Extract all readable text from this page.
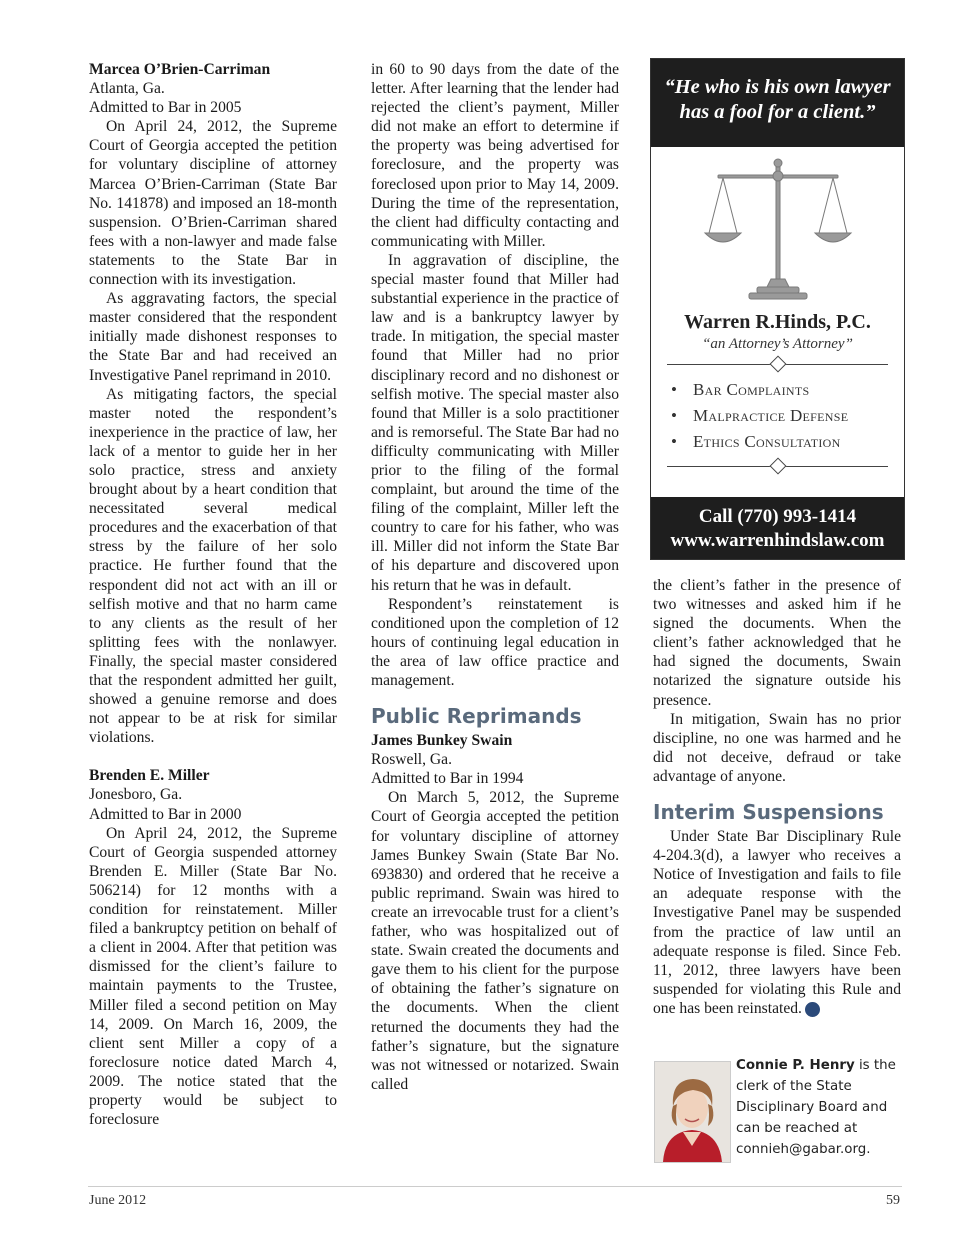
Marcea O’Brien-Carriman
Atlanta, Ga.
Admitted to Bar in 2005

On April 24, 2012, the Supreme Court of Georgia accepted the petition for voluntary discipline of attorney Marcea O’Brien-Carriman (State Bar No. 141878) and imposed an 18-month suspension. O’Brien-Carriman shared fees with a non-lawyer and made false statements to the State Bar in connection with its investigation.

As aggravating factors, the special master considered that the respondent initially made dishonest responses to the State Bar and had received an Investigative Panel reprimand in 2010.

As mitigating factors, the special master noted the respondent’s inexperience in the practice of law, her lack of a mentor to guide her in her solo practice, stress and anxiety brought about by a heart condition that necessitated several medical procedures and the exacerbation of that stress by the failure of her solo practice. He further found that the respondent did not act with an ill or selfish motive and that no harm came to any clients as the result of her splitting fees with the nonlawyer. Finally, the special master considered that the respondent admitted her guilt, showed a genuine remorse and does not appear to be at risk for similar violations.

Brenden E. Miller
Jonesboro, Ga.
Admitted to Bar in 2000

On April 24, 2012, the Supreme Court of Georgia suspended attorney Brenden E. Miller (State Bar No. 506214) for 12 months with a condition for reinstatement. Miller filed a bankruptcy petition on behalf of a client in 2004. After that petition was dismissed for the client’s failure to maintain payments to the Trustee, Miller filed a second petition on May 14, 2009. On March 16, 2009, the client sent Miller a copy of a foreclosure notice dated March 4, 2009. The notice stated that the property would be subject to foreclosure

in 60 to 90 days from the date of the letter. After learning that the lender had rejected the client’s payment, Miller did not make an effort to determine if the property was being advertised for foreclosure, and the property was foreclosed upon prior to May 14, 2009. During the time of the representation, the client had difficulty contacting and communicating with Miller.

In aggravation of discipline, the special master found that Miller had substantial experience in the practice of law and is a bankruptcy lawyer by trade. In mitigation, the special master found that Miller had no prior disciplinary record and no dishonest or selfish motive. The special master also found that Miller is a solo practitioner and is remorseful. The State Bar had no difficulty communicating with Miller prior to the filing of the formal complaint, but around the time of the filing of the complaint, Miller left the country to care for his father, who was ill. Miller did not inform the State Bar of his departure and discovered upon his return that he was in default.

Respondent’s reinstatement is conditioned upon the completion of 12 hours of continuing legal education in the area of law office practice and management.

Public Reprimands
James Bunkey Swain
Roswell, Ga.
Admitted to Bar in 1994

On March 5, 2012, the Supreme Court of Georgia accepted the petition for voluntary discipline of attorney James Bunkey Swain (State Bar No. 693830) and ordered that he receive a public reprimand. Swain was hired to create an irrevocable trust for a client’s father, who was hospitalized out of state. Swain created the documents and gave them to his client for the purpose of obtaining the father’s signature on the documents. When the client returned the documents they had the father’s signature, but the signature was not witnessed or notarized. Swain called

“He who is his own lawyer has a fool for a client.”
Warren R.Hinds, P.C.
“an Attorney’s Attorney”
• Bar Complaints
• Malpractice Defense
• Ethics Consultation
Call (770) 993-1414
www.warrenhindslaw.com

the client’s father in the presence of two witnesses and asked him if he signed the documents. When the client’s father acknowledged that he had signed the documents, Swain notarized the signature outside his presence.

In mitigation, Swain has no prior discipline, no one was harmed and he did not deceive, defraud or take advantage of anyone.

Interim Suspensions

Under State Bar Disciplinary Rule 4-204.3(d), a lawyer who receives a Notice of Investigation and fails to file an adequate response with the Investigative Panel may be suspended from the practice of law until an adequate response is filed. Since Feb. 11, 2012, three lawyers have been suspended for violating this Rule and one has been reinstated.	GBJ

Connie P. Henry is the clerk of the State Disciplinary Board and can be reached at connieh@gabar.org.
June 2012	59
